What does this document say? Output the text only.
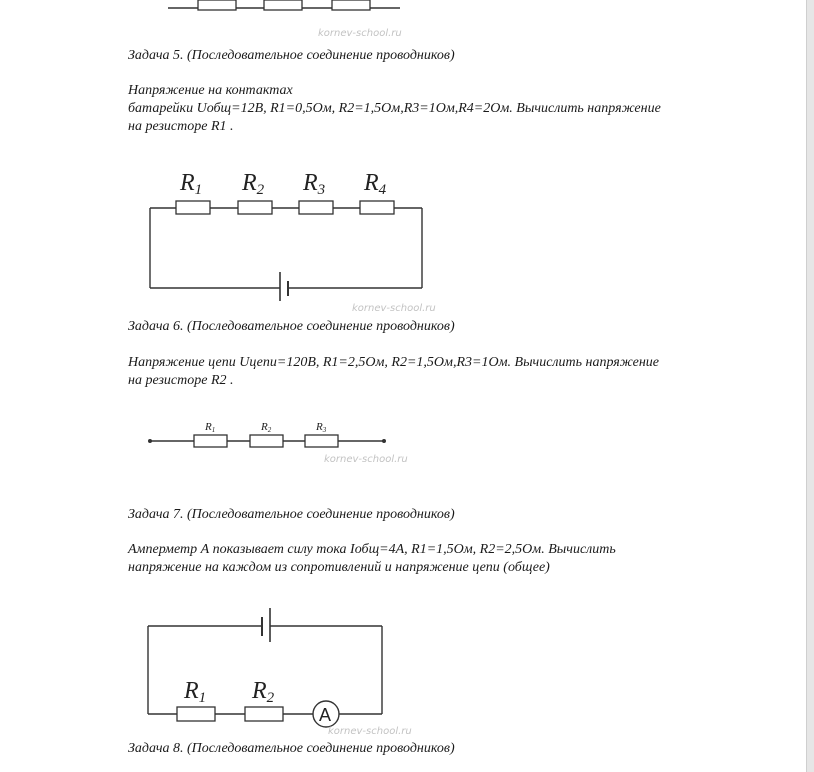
kornev-school.ru
Задача 5. (Последовательное соединение проводников)
Напряжение на контактах
батарейки Uобщ=12В, R1=0,5Ом, R2=1,5Ом,R3=1Ом,R4=2Ом. Вычислить напряжение
на резисторе R1 .
R1 R2 R3 R4
kornev-school.ru
Задача 6. (Последовательное соединение проводников)
Напряжение цепи Uцепи=120В, R1=2,5Ом, R2=1,5Ом,R3=1Ом. Вычислить напряжение
на резисторе R2 .
R1	R2	R3
kornev-school.ru
Задача 7. (Последовательное соединение проводников)
Амперметр А показывает силу тока Iобщ=4А, R1=1,5Ом, R2=2,5Ом. Вычислить
напряжение на каждом из сопротивлений и напряжение цепи (общее)
A
R1 R2
kornev-school.ru
Задача 8. (Последовательное соединение проводников)
